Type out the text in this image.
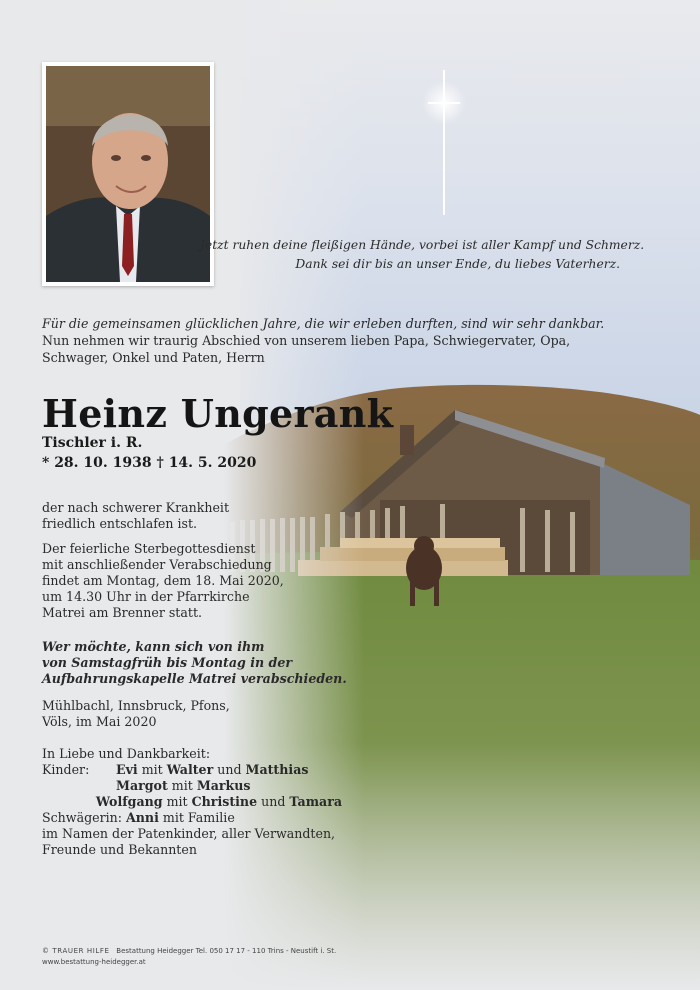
Jetzt ruhen deine fleißigen Hände, vorbei ist aller Kampf und Schmerz.
Dank sei dir bis an unser Ende, du liebes Vaterherz.
Für die gemeinsamen glücklichen Jahre, die wir erleben durften, sind wir sehr dankbar.
Nun nehmen wir traurig Abschied von unserem lieben Papa, Schwiegervater, Opa,
Schwager, Onkel und Paten, Herrn
Heinz Ungerank
Tischler i. R.
* 28. 10. 1938 † 14. 5. 2020
der nach schwerer Krankheit
friedlich entschlafen ist.
Der feierliche Sterbegottesdienst
mit anschließender Verabschiedung
findet am Montag, dem 18. Mai 2020,
um 14.30 Uhr in der Pfarrkirche
Matrei am Brenner statt.
Wer möchte, kann sich von ihm
von Samstagfrüh bis Montag in der
Aufbahrungskapelle Matrei verabschieden.
Mühlbachl, Innsbruck, Pfons,
Völs, im Mai 2020
In Liebe und Dankbarkeit:
Kinder:	Evi mit Walter und Matthias
Margot mit Markus
Wolfgang mit Christine und Tamara
Schwägerin: Anni mit Familie
im Namen der Patenkinder, aller Verwandten,
Freunde und Bekannten
© TRAUER HILFE Bestattung Heidegger Tel. 050 17 17 - 110 Trins - Neustift i. St.
www.bestattung-heidegger.at
